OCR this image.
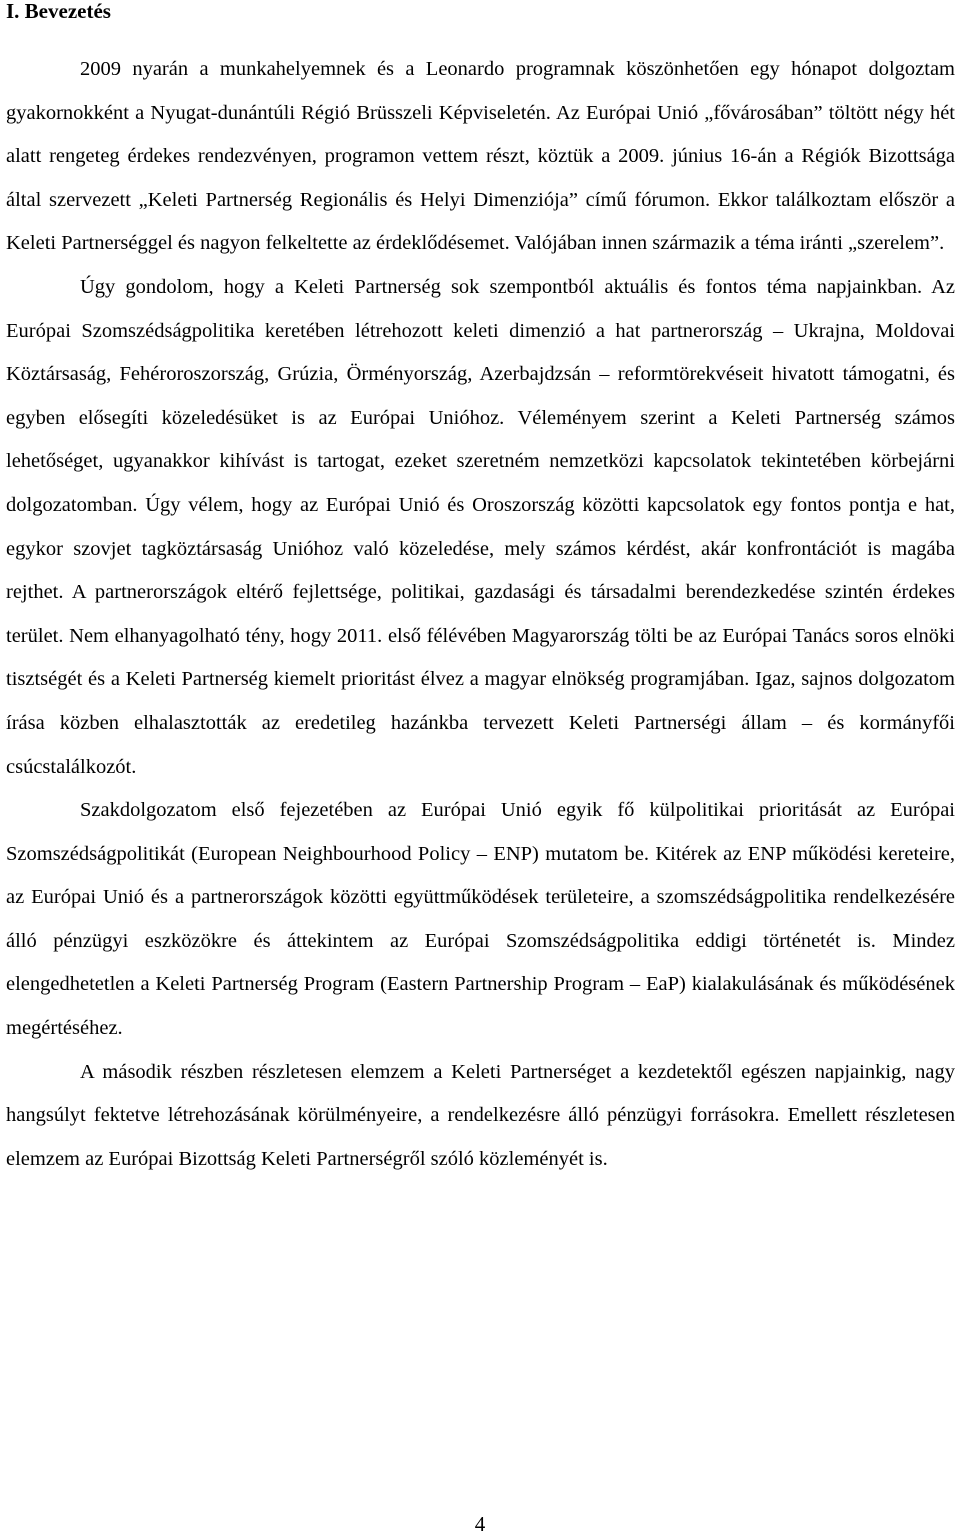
I. Bevezetés

2009 nyarán a munkahelyemnek és a Leonardo programnak köszönhetően egy hónapot dolgoztam gyakornokként a Nyugat-dunántúli Régió Brüsszeli Képviseletén. Az Európai Unió „fővárosában” töltött négy hét alatt rengeteg érdekes rendezvényen, programon vettem részt, köztük a 2009. június 16-án a Régiók Bizottsága által szervezett „Keleti Partnerség Regionális és Helyi Dimenziója” című fórumon. Ekkor találkoztam először a Keleti Partnerséggel és nagyon felkeltette az érdeklődésemet. Valójában innen származik a téma iránti „szerelem”.

Úgy gondolom, hogy a Keleti Partnerség sok szempontból aktuális és fontos téma napjainkban. Az Európai Szomszédságpolitika keretében létrehozott keleti dimenzió a hat partnerország – Ukrajna, Moldovai Köztársaság, Fehéroroszország, Grúzia, Örményország, Azerbajdzsán – reformtörekvéseit hivatott támogatni, és egyben elősegíti közeledésüket is az Európai Unióhoz. Véleményem szerint a Keleti Partnerség számos lehetőséget, ugyanakkor kihívást is tartogat, ezeket szeretném nemzetközi kapcsolatok tekintetében körbejárni dolgozatomban. Úgy vélem, hogy az Európai Unió és Oroszország közötti kapcsolatok egy fontos pontja e hat, egykor szovjet tagköztársaság Unióhoz való közeledése, mely számos kérdést, akár konfrontációt is magába rejthet. A partnerországok eltérő fejlettsége, politikai, gazdasági és társadalmi berendezkedése szintén érdekes terület. Nem elhanyagolható tény, hogy 2011. első félévében Magyarország tölti be az Európai Tanács soros elnöki tisztségét és a Keleti Partnerség kiemelt prioritást élvez a magyar elnökség programjában. Igaz, sajnos dolgozatom írása közben elhalasztották az eredetileg hazánkba tervezett Keleti Partnerségi állam – és kormányfői csúcstalálkozót.

Szakdolgozatom első fejezetében az Európai Unió egyik fő külpolitikai prioritását az Európai Szomszédságpolitikát (European Neighbourhood Policy – ENP) mutatom be. Kitérek az ENP működési kereteire, az Európai Unió és a partnerországok közötti együttműködések területeire, a szomszédságpolitika rendelkezésére álló pénzügyi eszközökre és áttekintem az Európai Szomszédságpolitika eddigi történetét is. Mindez elengedhetetlen a Keleti Partnerség Program (Eastern Partnership Program – EaP) kialakulásának és működésének megértéséhez.

A második részben részletesen elemzem a Keleti Partnerséget a kezdetektől egészen napjainkig, nagy hangsúlyt fektetve létrehozásának körülményeire, a rendelkezésre álló pénzügyi forrásokra. Emellett részletesen elemzem az Európai Bizottság Keleti Partnerségről szóló közleményét is.

4
